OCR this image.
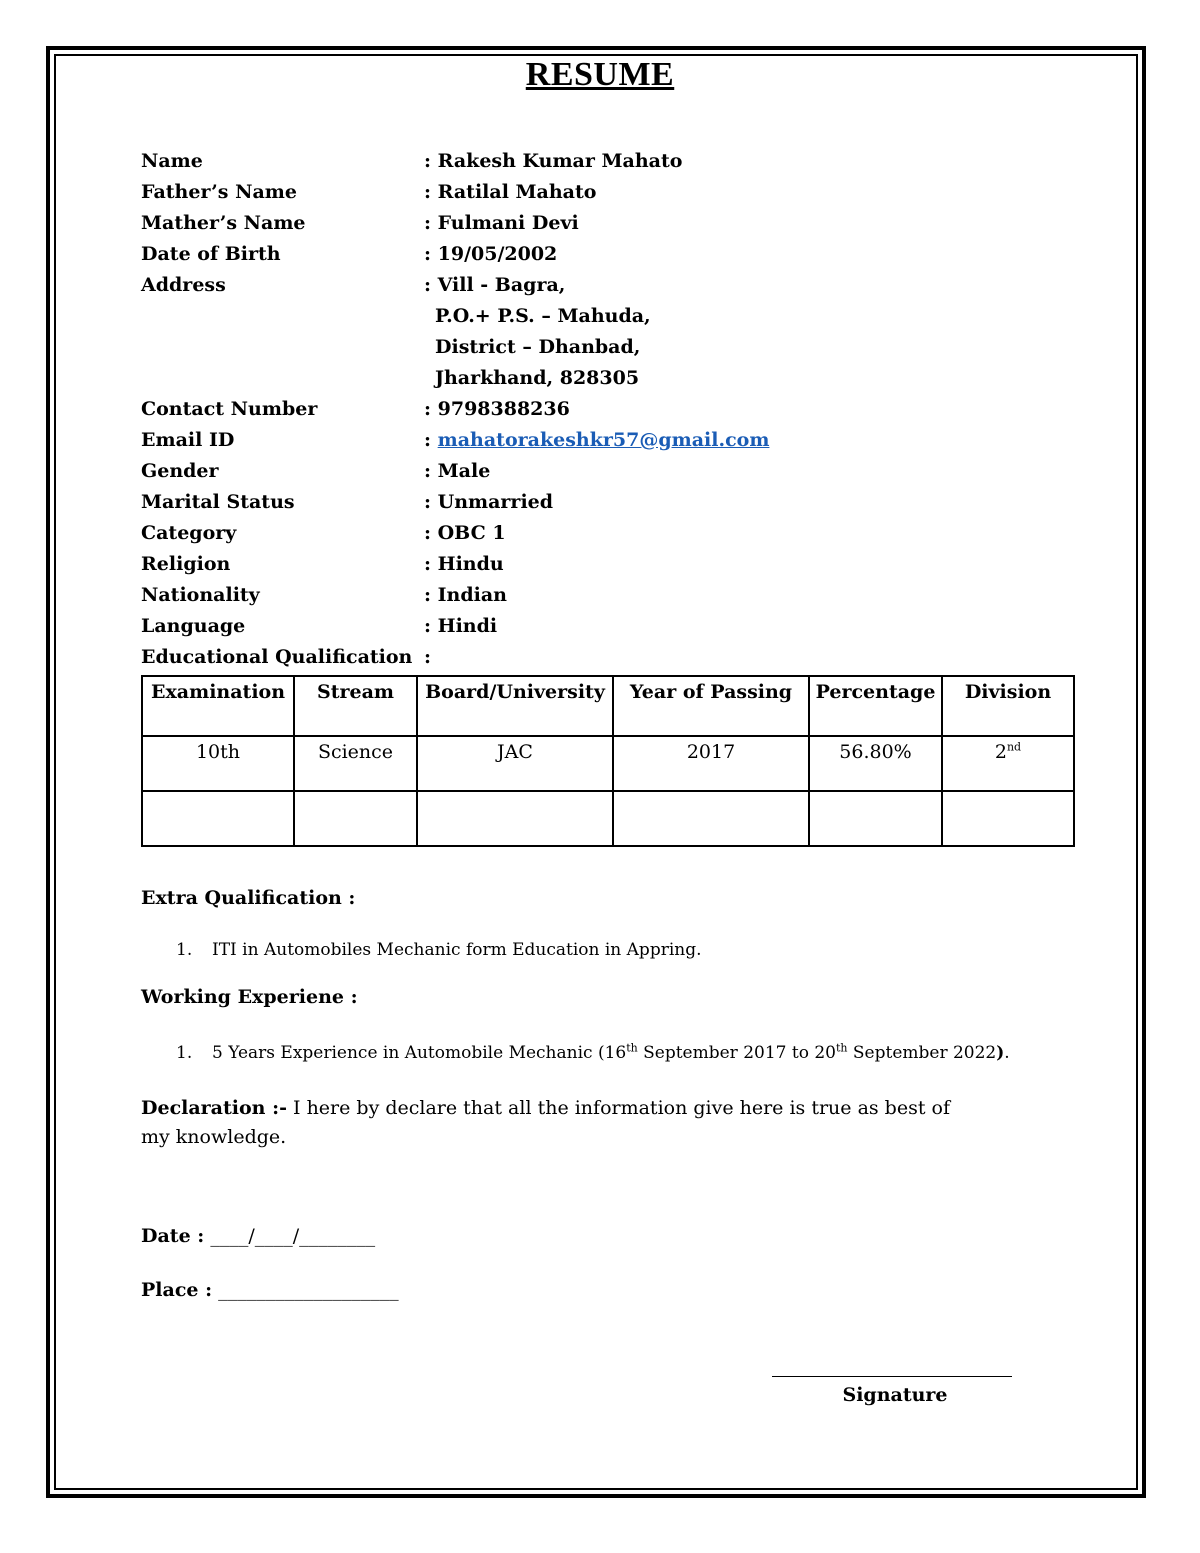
RESUME
Name	: Rakesh Kumar Mahato
Father’s Name	: Ratilal Mahato
Mather’s Name	: Fulmani Devi
Date of Birth	: 19/05/2002
Address	: Vill - Bagra,
P.O.+ P.S. – Mahuda,
District – Dhanbad,
Jharkhand, 828305
Contact Number	: 9798388236
Email ID	: mahatorakeshkr57@gmail.com
Gender	: Male
Marital Status	: Unmarried
Category	: OBC 1
Religion	: Hindu
Nationality	: Indian
Language	: Hindi
Educational Qualification :
Examination	Stream	Board/University	Year of Passing	Percentage	Division
10th	Science	JAC	2017	56.80%	2nd

Extra Qualification :
1. ITI in Automobiles Mechanic form Education in Appring.
Working Experiene :
1. 5 Years Experience in Automobile Mechanic (16th September 2017 to 20th September 2022).
Declaration :- I here by declare that all the information give here is true as best of my knowledge.
Date : ____/____/________
Place : ___________________
Signature
